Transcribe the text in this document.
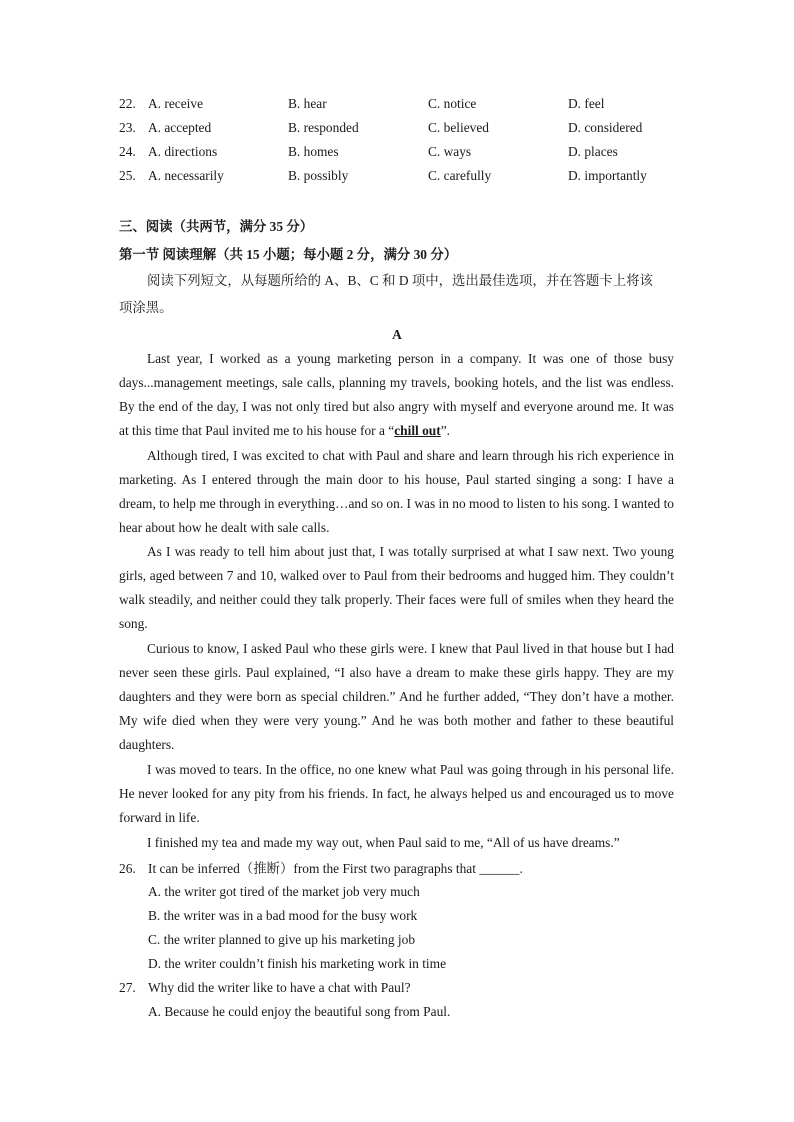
22. A. receive	B. hear	C. notice	D. feel
23. A. accepted	B. responded	C. believed	D. considered
24. A. directions	B. homes	C. ways	D. places
25. A. necessarily	B. possibly	C. carefully	D. importantly
三、阅读（共两节，满分 35 分）
第一节 阅读理解（共 15 小题；每小题 2 分，满分 30 分）
阅读下列短文，从每题所给的 A、B、C 和 D 项中，选出最佳选项，并在答题卡上将该
项涂黑。
A

Last year, I worked as a young marketing person in a company. It was one of those busy days...management meetings, sale calls, planning my travels, booking hotels, and the list was endless. By the end of the day, I was not only tired but also angry with myself and everyone around me. It was at this time that Paul invited me to his house for a “chill out”.

Although tired, I was excited to chat with Paul and share and learn through his rich experience in marketing. As I entered through the main door to his house, Paul started singing a song: I have a dream, to help me through in everything…and so on. I was in no mood to listen to his song. I wanted to hear about how he dealt with sale calls.

As I was ready to tell him about just that, I was totally surprised at what I saw next. Two young girls, aged between 7 and 10, walked over to Paul from their bedrooms and hugged him. They couldn’t walk steadily, and neither could they talk properly. Their faces were full of smiles when they heard the song.

Curious to know, I asked Paul who these girls were. I knew that Paul lived in that house but I had never seen these girls. Paul explained, “I also have a dream to make these girls happy. They are my daughters and they were born as special children.” And he further added, “They don’t have a mother. My wife died when they were very young.” And he was both mother and father to these beautiful daughters.

I was moved to tears. In the office, no one knew what Paul was going through in his personal life. He never looked for any pity from his friends. In fact, he always helped us and encouraged us to move forward in life.

I finished my tea and made my way out, when Paul said to me, “All of us have dreams.”

26. It can be inferred（推断）from the First two paragraphs that ______.
A. the writer got tired of the market job very much
B. the writer was in a bad mood for the busy work
C. the writer planned to give up his marketing job
D. the writer couldn’t finish his marketing work in time
27. Why did the writer like to have a chat with Paul?
A. Because he could enjoy the beautiful song from Paul.
